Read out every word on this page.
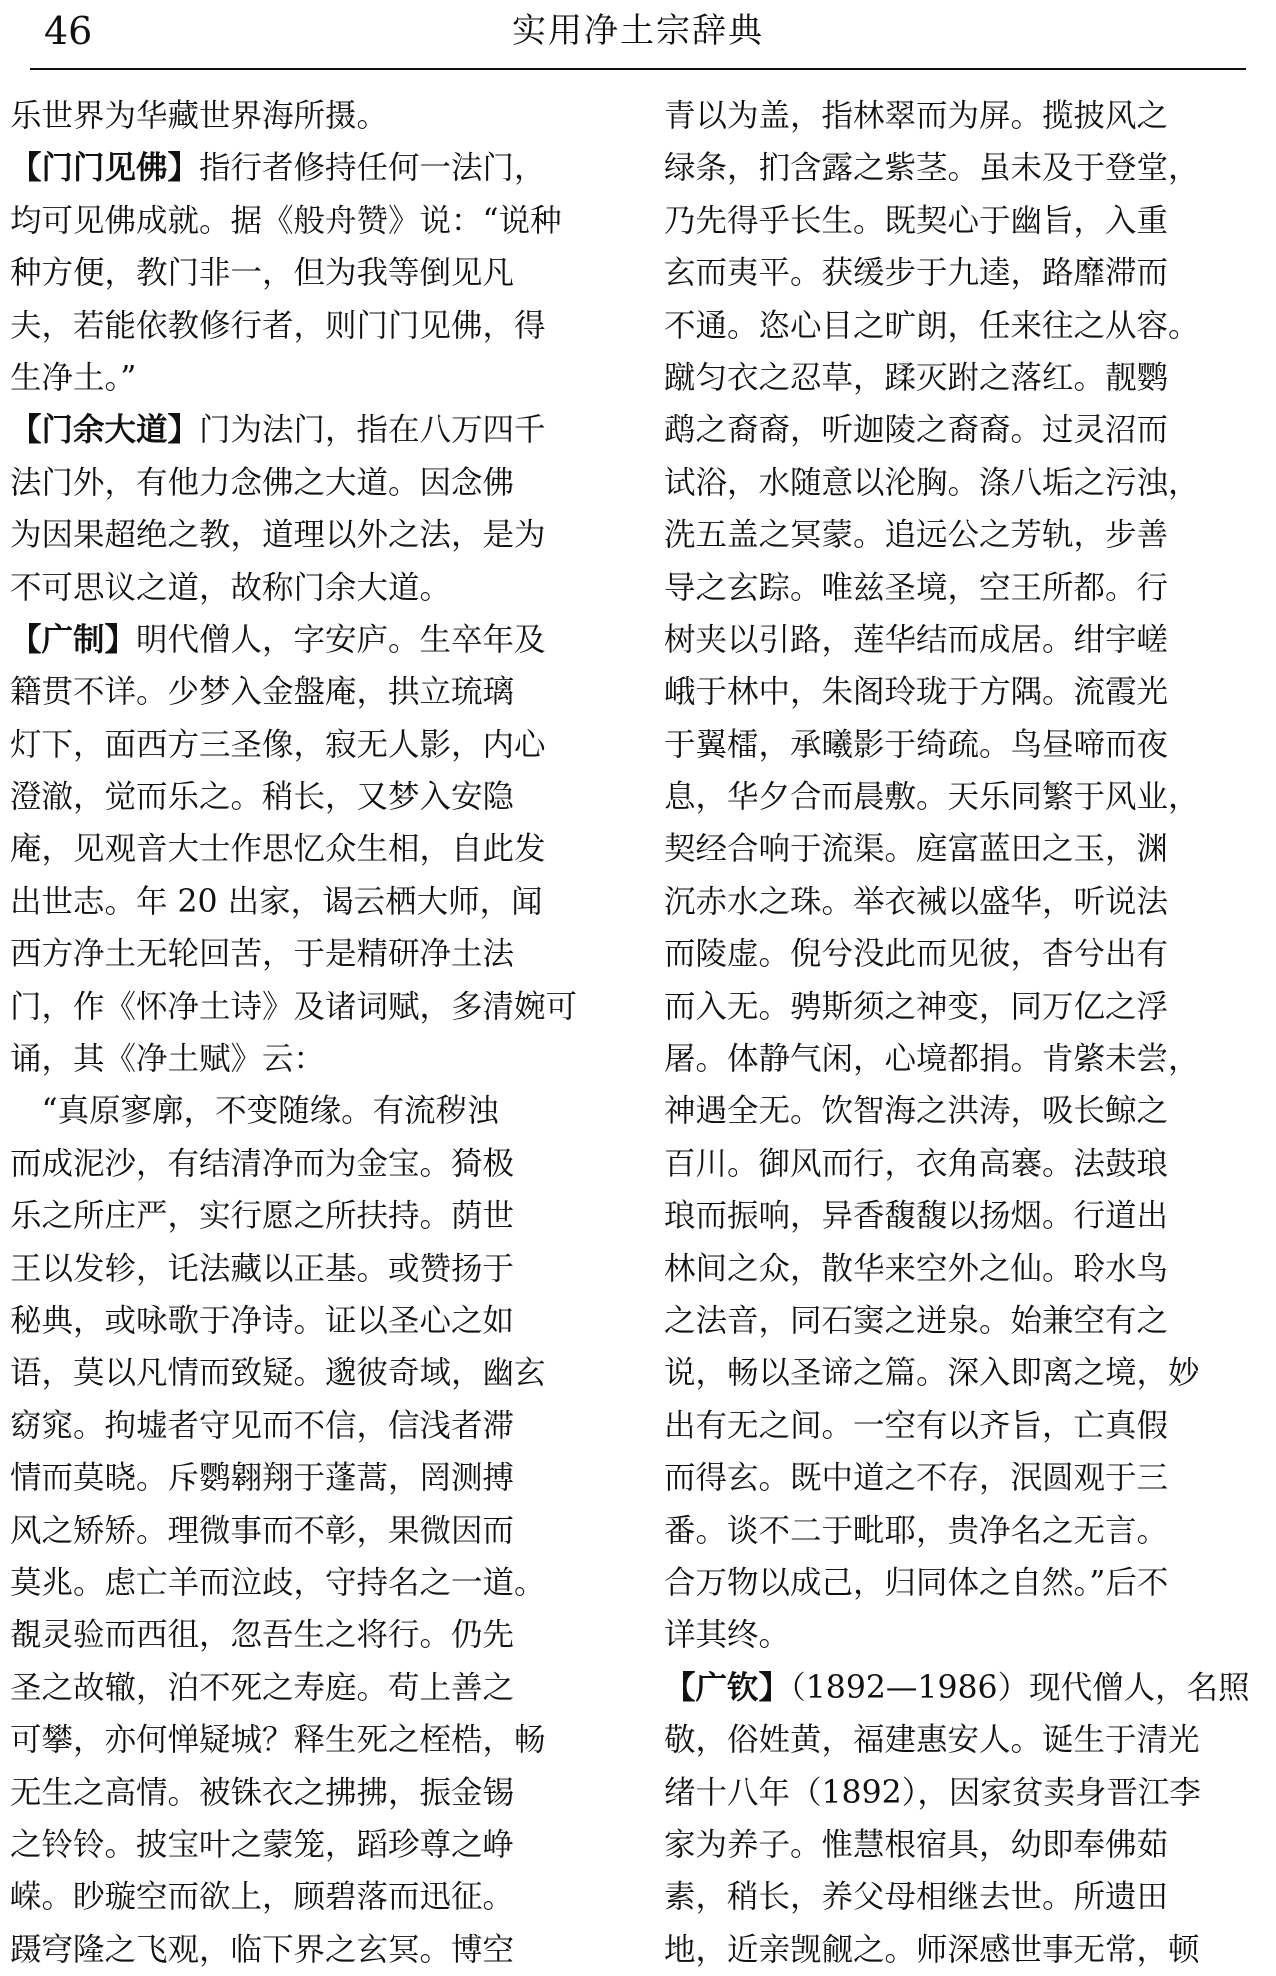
46	实用净土宗辞典
乐世界为华藏世界海所摄。
【门门见佛】指行者修持任何一法门，
均可见佛成就。据《般舟赞》说：“说种
种方便，教门非一，但为我等倒见凡
夫，若能依教修行者，则门门见佛，得
生净土。”
【门余大道】门为法门，指在八万四千
法门外，有他力念佛之大道。因念佛
为因果超绝之教，道理以外之法，是为
不可思议之道，故称门余大道。
【广制】明代僧人，字安庐。生卒年及
籍贯不详。少梦入金盤庵，拱立琉璃
灯下，面西方三圣像，寂无人影，内心
澄澈，觉而乐之。稍长，又梦入安隐
庵，见观音大士作思忆众生相，自此发
出世志。年 20 出家，谒云栖大师，闻
西方净土无轮回苦，于是精研净土法
门，作《怀净土诗》及诸词赋，多清婉可
诵，其《净土赋》云：
　“真原寥廓，不变随缘。有流秽浊
而成泥沙，有结清净而为金宝。猗极
乐之所庄严，实行愿之所扶持。荫世
王以发轸，讬法藏以正基。或赞扬于
秘典，或咏歌于净诗。证以圣心之如
语，莫以凡情而致疑。邈彼奇域，幽玄
窈窕。拘墟者守见而不信，信浅者滞
情而莫晓。斥鹦翱翔于蓬蒿，罔测搏
风之矫矫。理微事而不彰，果微因而
莫兆。虑亡羊而泣歧，守持名之一道。
覩灵验而西徂，忽吾生之将行。仍先
圣之故辙，泊不死之寿庭。苟上善之
可攀，亦何惮疑城？释生死之桎梏，畅
无生之高情。被铢衣之拂拂，振金锡
之铃铃。披宝叶之蒙笼，蹈珍尊之峥
嵘。眇璇空而欲上，顾碧落而迅征。
蹑穹隆之飞观，临下界之玄冥。博空
青以为盖，指林翠而为屏。揽披风之
绿条，扪含露之紫茎。虽未及于登堂，
乃先得乎长生。既契心于幽旨，入重
玄而夷平。获缓步于九逵，路靡滞而
不通。恣心目之旷朗，任来往之从容。
蹴匀衣之忍草，蹂灭跗之落红。靓鹦
鹉之裔裔，听迦陵之裔裔。过灵沼而
试浴，水随意以沦胸。涤八垢之污浊，
洗五盖之冥蒙。追远公之芳轨，步善
导之玄踪。唯兹圣境，空王所都。行
树夹以引路，莲华结而成居。绀宇嵯
峨于林中，朱阁玲珑于方隅。流霞光
于翼檑，承曦影于绮疏。鸟昼啼而夜
息，华夕合而晨敷。天乐同繁于风业，
契经合响于流渠。庭富蓝田之玉，渊
沉赤水之珠。举衣裓以盛华，听说法
而陵虚。倪兮没此而见彼，杳兮出有
而入无。骋斯须之神变，同万亿之浮
屠。体静气闲，心境都捐。肯綮未尝，
神遇全无。饮智海之洪涛，吸长鲸之
百川。御风而行，衣角高褰。法鼓琅
琅而振响，异香馥馥以扬烟。行道出
林间之众，散华来空外之仙。聆水鸟
之法音，同石窦之迸泉。始兼空有之
说，畅以圣谛之篇。深入即离之境，妙
出有无之间。一空有以齐旨，亡真假
而得玄。既中道之不存，泯圆观于三
番。谈不二于毗耶，贵净名之无言。
合万物以成己，归同体之自然。”后不
详其终。
【广钦】（1892—1986）现代僧人，名照
敬，俗姓黄，福建惠安人。诞生于清光
绪十八年（1892），因家贫卖身晋江李
家为养子。惟慧根宿具，幼即奉佛茹
素，稍长，养父母相继去世。所遗田
地，近亲觊觎之。师深感世事无常，顿
